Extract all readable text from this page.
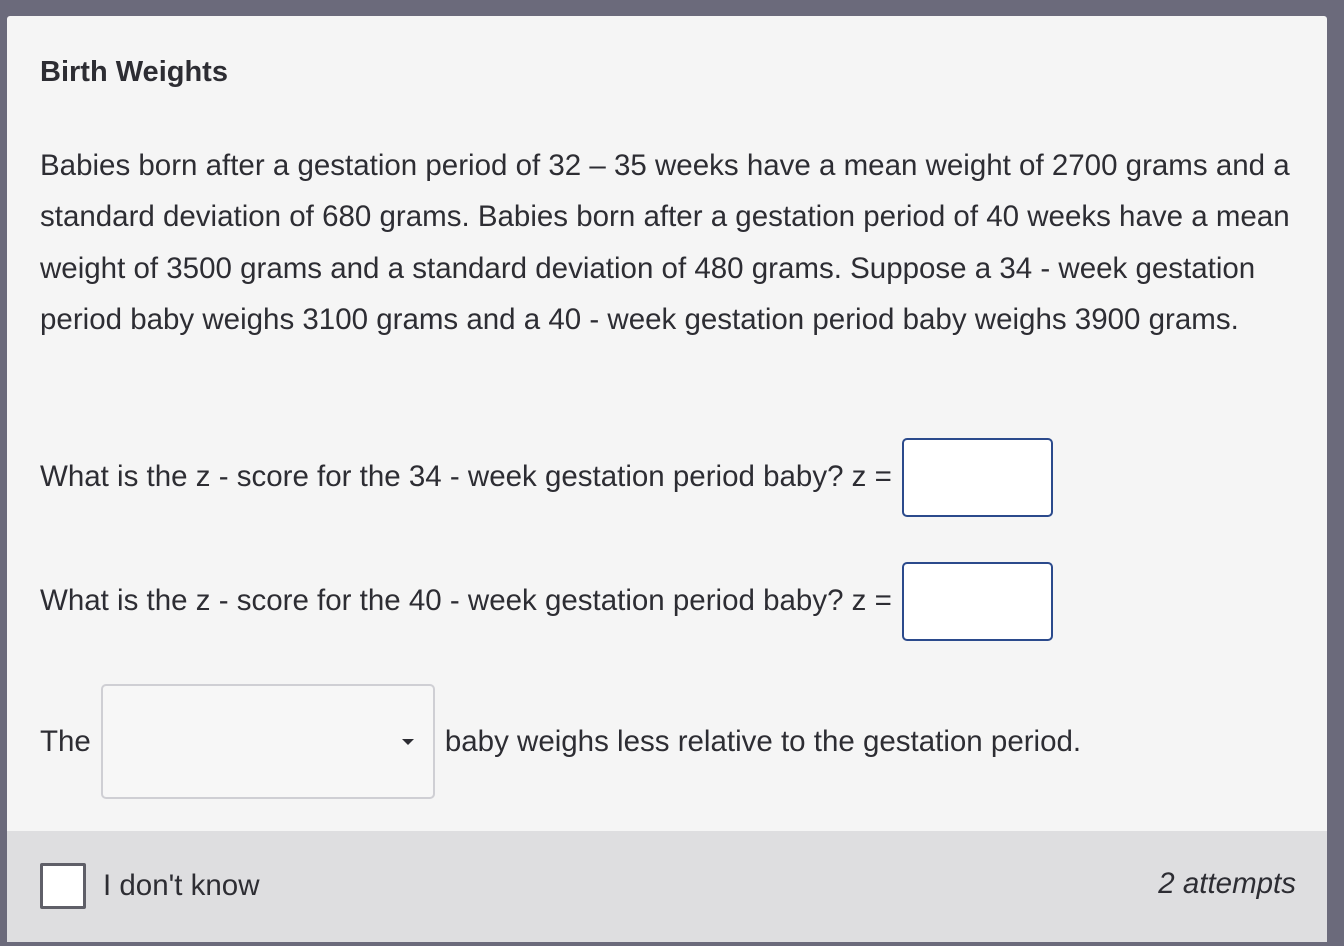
Birth Weights

Babies born after a gestation period of 32 – 35 weeks have a mean weight of 2700 grams and a standard deviation of 680 grams. Babies born after a gestation period of 40 weeks have a mean weight of 3500 grams and a standard deviation of 480 grams. Suppose a 34 - week gestation period baby weighs 3100 grams and a 40 - week gestation period baby weighs 3900 grams.

What is the z - score for the 34 - week gestation period baby? z =
What is the z - score for the 40 - week gestation period baby? z =
The	baby weighs less relative to the gestation period.
I don't know	2 attempts
